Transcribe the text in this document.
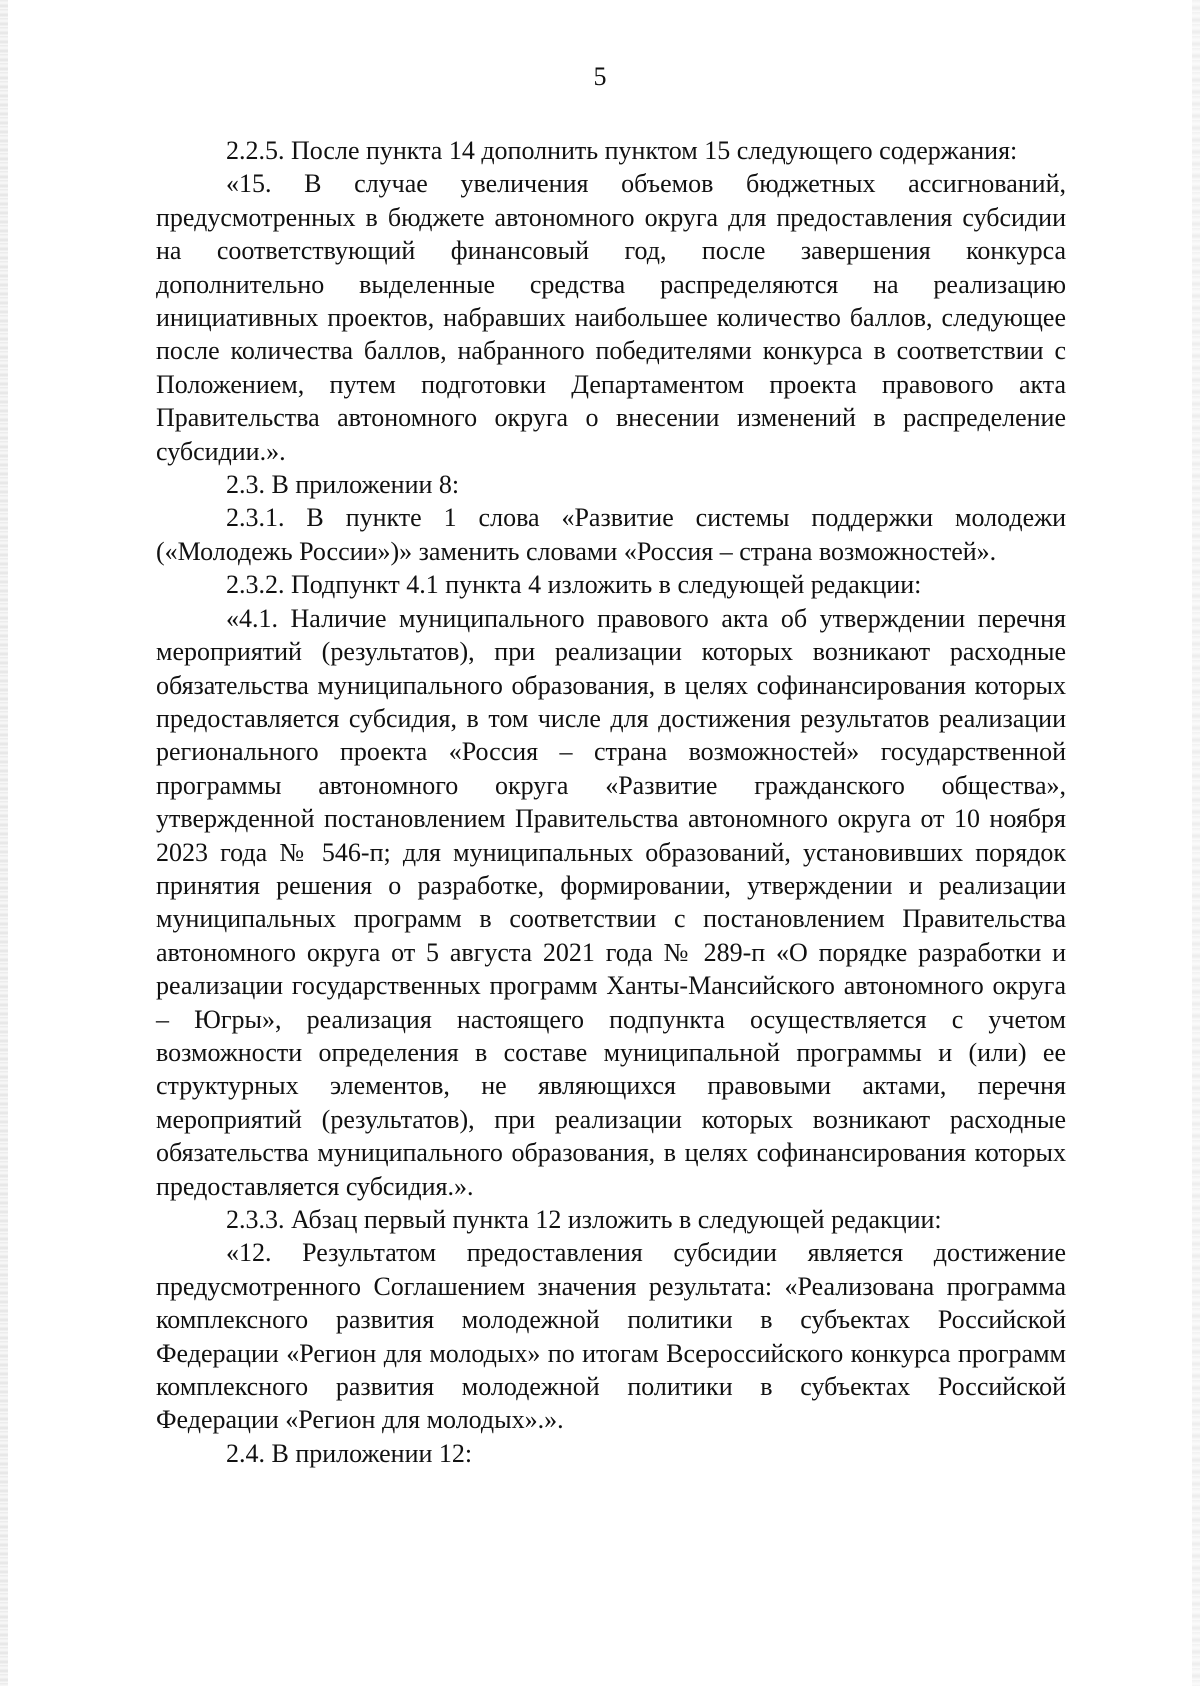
5

2.2.5. После пункта 14 дополнить пунктом 15 следующего содержания:

«15. В случае увеличения объемов бюджетных ассигнований, предусмотренных в бюджете автономного округа для предоставления субсидии на соответствующий финансовый год, после завершения конкурса дополнительно выделенные средства распределяются на реализацию инициативных проектов, набравших наибольшее количество баллов, следующее после количества баллов, набранного победителями конкурса в соответствии с Положением, путем подготовки Департаментом проекта правового акта Правительства автономного округа о внесении изменений в распределение субсидии.».

2.3. В приложении 8:

2.3.1. В пункте 1 слова «Развитие системы поддержки молодежи («Молодежь России»)» заменить словами «Россия – страна возможностей».

2.3.2. Подпункт 4.1 пункта 4 изложить в следующей редакции:

«4.1. Наличие муниципального правового акта об утверждении перечня мероприятий (результатов), при реализации которых возникают расходные обязательства муниципального образования, в целях софинансирования которых предоставляется субсидия, в том числе для достижения результатов реализации регионального проекта «Россия – страна возможностей» государственной программы автономного округа «Развитие гражданского общества», утвержденной постановлением Правительства автономного округа от 10 ноября 2023 года № 546-п; для муниципальных образований, установивших порядок принятия решения о разработке, формировании, утверждении и реализации муниципальных программ в соответствии с постановлением Правительства автономного округа от 5 августа 2021 года № 289-п «О порядке разработки и реализации государственных программ Ханты-Мансийского автономного округа – Югры», реализация настоящего подпункта осуществляется с учетом возможности определения в составе муниципальной программы и (или) ее структурных элементов, не являющихся правовыми актами, перечня мероприятий (результатов), при реализации которых возникают расходные обязательства муниципального образования, в целях софинансирования которых предоставляется субсидия.».

2.3.3. Абзац первый пункта 12 изложить в следующей редакции:

«12. Результатом предоставления субсидии является достижение предусмотренного Соглашением значения результата: «Реализована программа комплексного развития молодежной политики в субъектах Российской Федерации «Регион для молодых» по итогам Всероссийского конкурса программ комплексного развития молодежной политики в субъектах Российской Федерации «Регион для молодых».».

2.4. В приложении 12:
